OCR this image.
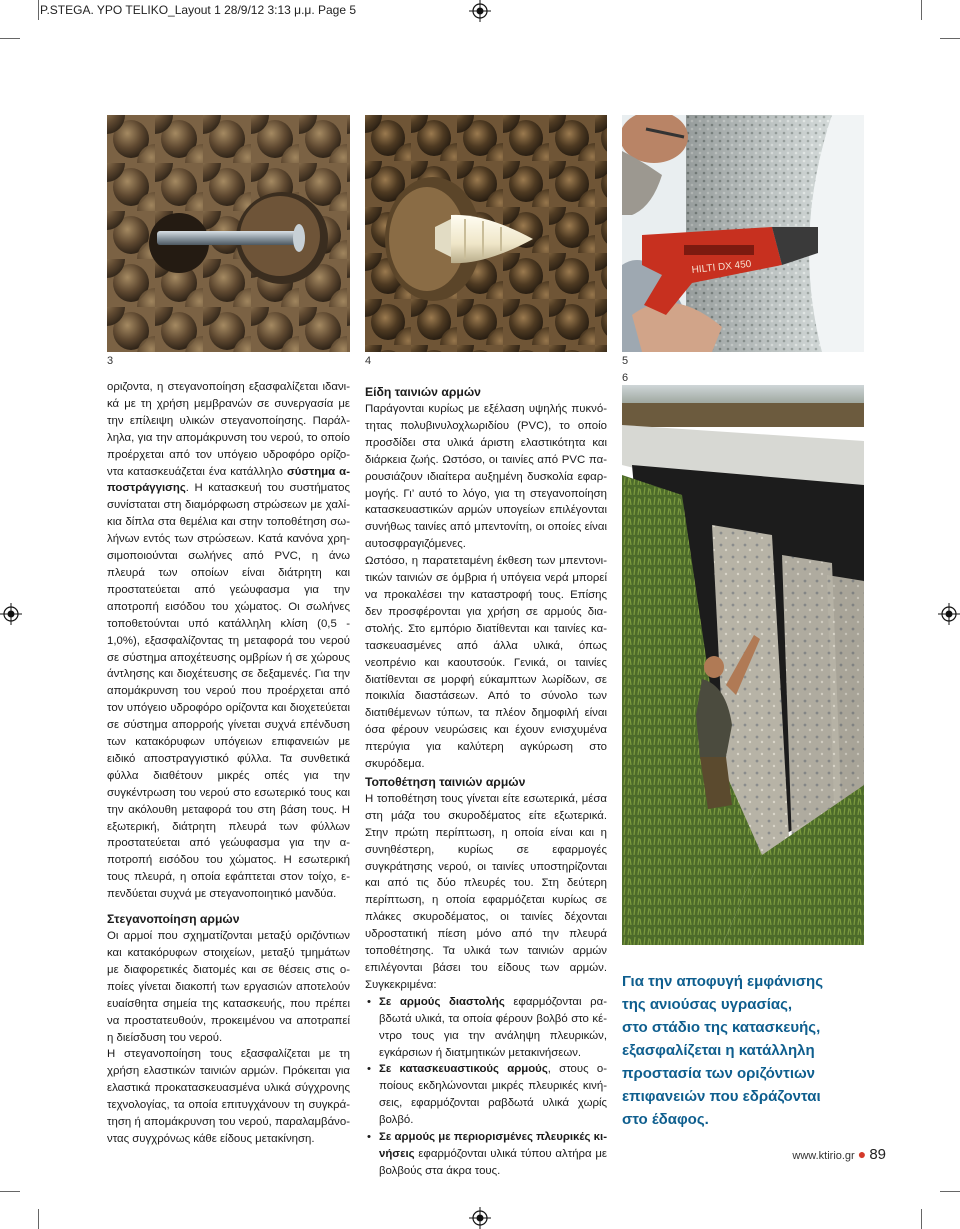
P.STEGA. YPO TELIKO_Layout 1 28/9/12 3:13 μ.μ. Page 5
HILTI DX 450
3	4	5
6

οριζοντα, η στεγανοποίηση εξασφαλίζεται ιδανικά με τη χρήση μεμβρανών σε συνεργασία με την επίλειψη υλικών στεγανοποίησης. Παράλληλα, για την απομάκρυνση του νερού, το οποίο προέρχεται από τον υπόγειο υδροφόρο ορίζοντα κατασκευάζεται ένα κατάλληλο σύστημα αποστράγγισης. Η κατασκευή του συστήματος συνίσταται στη διαμόρφωση στρώσεων με χαλίκια δίπλα στα θεμέλια και στην τοποθέτηση σωλήνων εντός των στρώσεων. Κατά κανόνα χρησιμοποιούνται σωλήνες από PVC, η άνω πλευρά των οποίων είναι διάτρητη και προστατεύεται από γεώυφασμα για την αποτροπή εισόδου του χώματος. Οι σωλήνες τοποθετούνται υπό κατάλληλη κλίση (0,5 - 1,0%), εξασφαλίζοντας τη μεταφορά του νερού σε σύστημα αποχέτευσης ομβρίων ή σε χώρους άντλησης και διοχέτευσης σε δεξαμενές. Για την απομάκρυνση του νερού που προέρχεται από τον υπόγειο υδροφόρο ορίζοντα και διοχετεύεται σε σύστημα απορροής γίνεται συχνά επένδυση των κατακόρυφων υπόγειων επιφανειών με ειδικό αποστραγγιστικό φύλλα. Τα συνθετικά φύλλα διαθέτουν μικρές οπές για την συγκέντρωση του νερού στο εσωτερικό τους και την ακόλουθη μεταφορά του στη βάση τους. Η εξωτερική, διάτρητη πλευρά των φύλλων προστατεύεται από γεώυφασμα για την αποτροπή εισόδου του χώματος. Η εσωτερική τους πλευρά, η οποία εφάπτεται στον τοίχο, επενδύεται συχνά με στεγανοποιητικό μανδύα.

Στεγανοποίηση αρμών

Οι αρμοί που σχηματίζονται μεταξύ οριζόντιων και κατακόρυφων στοιχείων, μεταξύ τμημάτων με διαφορετικές διατομές και σε θέσεις στις οποίες γίνεται διακοπή των εργασιών αποτελούν ευαίσθητα σημεία της κατασκευής, που πρέπει να προστατευθούν, προκειμένου να αποτραπεί η διείσδυση του νερού.

Η στεγανοποίηση τους εξασφαλίζεται με τη χρήση ελαστικών ταινιών αρμών. Πρόκειται για ελαστικά προκατασκευασμένα υλικά σύγχρονης τεχνολογίας, τα οποία επιτυγχάνουν τη συγκράτηση ή απομάκρυνση του νερού, παραλαμβάνοντας συγχρόνως κάθε είδους μετακίνηση.

Είδη ταινιών αρμών

Παράγονται κυρίως με εξέλαση υψηλής πυκνότητας πολυβινυλοχλωριδίου (PVC), το οποίο προσδίδει στα υλικά άριστη ελαστικότητα και διάρκεια ζωής. Ωστόσο, οι ταινίες από PVC παρουσιάζουν ιδιαίτερα αυξημένη δυσκολία εφαρμογής. Γι’ αυτό το λόγο, για τη στεγανοποίηση κατασκευαστικών αρμών υπογείων επιλέγονται συνήθως ταινίες από μπεντονίτη, οι οποίες είναι αυτοσφραγιζόμενες.

Ωστόσο, η παρατεταμένη έκθεση των μπεντονιτικών ταινιών σε όμβρια ή υπόγεια νερά μπορεί να προκαλέσει την καταστροφή τους. Επίσης δεν προσφέρονται για χρήση σε αρμούς διαστολής. Στο εμπόριο διατίθενται και ταινίες κατασκευασμένες από άλλα υλικά, όπως νεοπρένιο και καουτσούκ. Γενικά, οι ταινίες διατίθενται σε μορφή εύκαμπτων λωρίδων, σε ποικιλία διαστάσεων. Από το σύνολο των διατιθέμενων τύπων, τα πλέον δημοφιλή είναι όσα φέρουν νευρώσεις και έχουν ενισχυμένα πτερύγια για καλύτερη αγκύρωση στο σκυρόδεμα.

Τοποθέτηση ταινιών αρμών

Η τοποθέτηση τους γίνεται είτε εσωτερικά, μέσα στη μάζα του σκυροδέματος είτε εξωτερικά. Στην πρώτη περίπτωση, η οποία είναι και η συνηθέστερη, κυρίως σε εφαρμογές συγκράτησης νερού, οι ταινίες υποστηρίζονται και από τις δύο πλευρές του. Στη δεύτερη περίπτωση, η οποία εφαρμόζεται κυρίως σε πλάκες σκυροδέματος, οι ταινίες δέχονται υδροστατική πίεση μόνο από την πλευρά τοποθέτησης. Τα υλικά των ταινιών αρμών επιλέγονται βάσει του είδους των αρμών. Συγκεκριμένα:

• Σε αρμούς διαστολής εφαρμόζονται ραβδωτά υλικά, τα οποία φέρουν βολβό στο κέντρο τους για την ανάληψη πλευρικών, εγκάρσιων ή διατμητικών μετακινήσεων.
• Σε κατασκευαστικούς αρμούς, στους οποίους εκδηλώνονται μικρές πλευρικές κινήσεις, εφαρμόζονται ραβδωτά υλικά χωρίς βολβό.
• Σε αρμούς με περιορισμένες πλευρικές κινήσεις εφαρμόζονται υλικά τύπου αλτήρα με βολβούς στα άκρα τους.
Για την αποφυγή εμφάνισης
της ανιούσας υγρασίας,
στο στάδιο της κατασκευής,
εξασφαλίζεται η κατάλληλη
προστασία των οριζόντιων
επιφανειών που εδράζονται
στο έδαφος.
www.ktirio.gr ● 89
